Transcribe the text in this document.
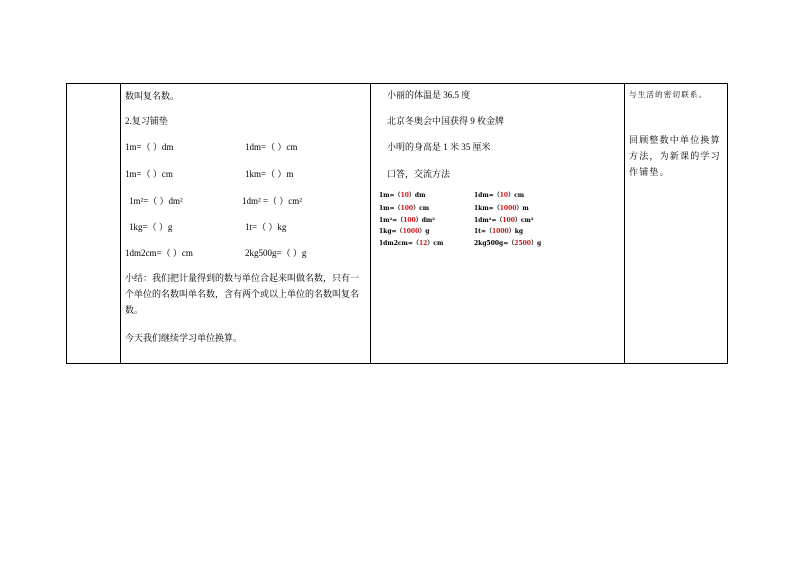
数叫复名数。
2.复习铺垫
1m=（ ）dm	1dm=（ ）cm
1m=（ ）cm	1km=（ ）m
1m²=（ ）dm²	1dm² =（ ）cm²
1kg=（ ）g	1t=（ ）kg
1dm2cm=（ ）cm	2kg500g=（ ）g
小结：我们把计量得到的数与单位合起来叫做名数，只有一个单位的名数叫单名数，含有两个或以上单位的名数叫复名数。
今天我们继续学习单位换算。
小丽的体温是 36.5 度
北京冬奥会中国获得 9 枚金牌
小明的身高是 1 米 35 厘米
口答，交流方法
1m=（10）dm	1dm=（10）cm
1m=（100）cm	1km=（1000）m
1m²=（100）dm²	1dm²=（100）cm²
1kg=（1000）g	1t=（1000）kg
1dm2cm=（12）cm	2kg500g=（2500）g
与生活的密切联系。
回顾整数中单位换算方法，为新课的学习作铺垫。
